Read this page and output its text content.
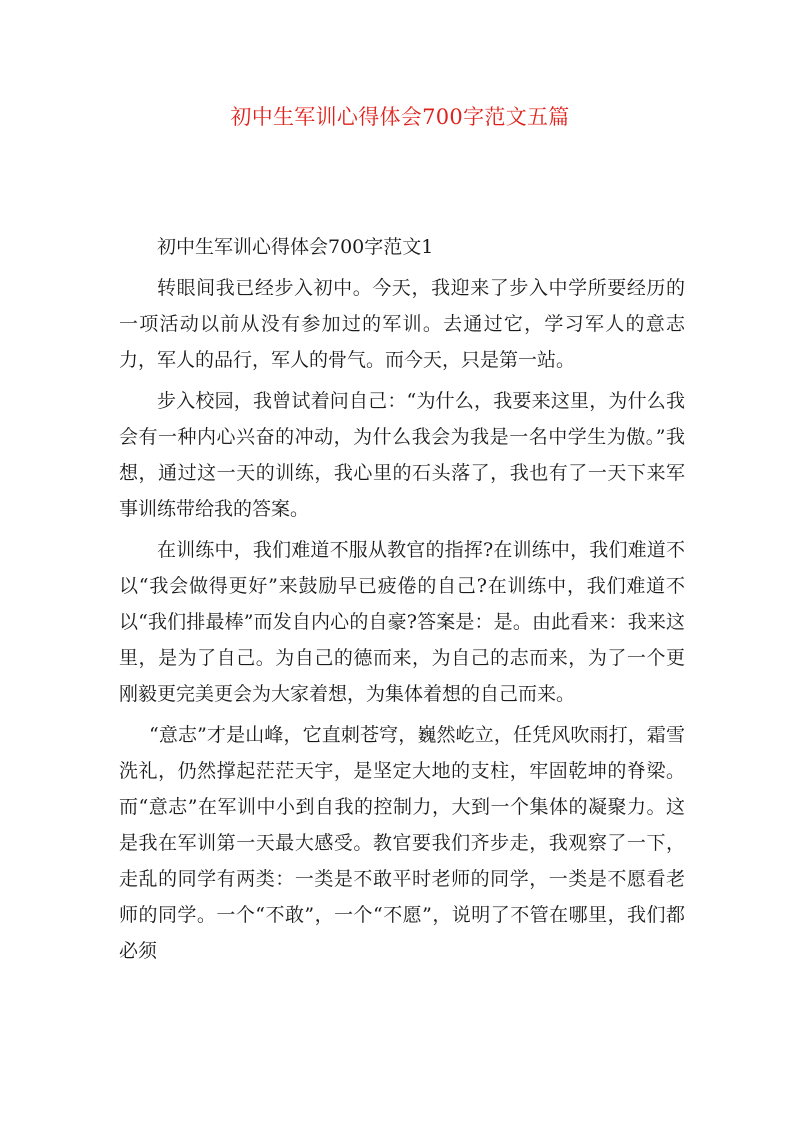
初中生军训心得体会700字范文五篇

初中生军训心得体会700字范文1

转眼间我已经步入初中。今天，我迎来了步入中学所要经历的一项活动以前从没有参加过的军训。去通过它，学习军人的意志力，军人的品行，军人的骨气。而今天，只是第一站。

步入校园，我曾试着问自己：“为什么，我要来这里，为什么我会有一种内心兴奋的冲动，为什么我会为我是一名中学生为傲。”我想，通过这一天的训练，我心里的石头落了，我也有了一天下来军事训练带给我的答案。

在训练中，我们难道不服从教官的指挥?在训练中，我们难道不以“我会做得更好”来鼓励早已疲倦的自己?在训练中，我们难道不以“我们排最棒”而发自内心的自豪?答案是：是。由此看来：我来这里，是为了自己。为自己的德而来，为自己的志而来，为了一个更刚毅更完美更会为大家着想，为集体着想的自己而来。

“意志”才是山峰，它直刺苍穹，巍然屹立，任凭风吹雨打，霜雪洗礼，仍然撑起茫茫天宇，是坚定大地的支柱，牢固乾坤的脊梁。而“意志”在军训中小到自我的控制力，大到一个集体的凝聚力。这是我在军训第一天最大感受。教官要我们齐步走，我观察了一下，走乱的同学有两类：一类是不敢平时老师的同学，一类是不愿看老师的同学。一个“不敢”，一个“不愿”，说明了不管在哪里，我们都必须
